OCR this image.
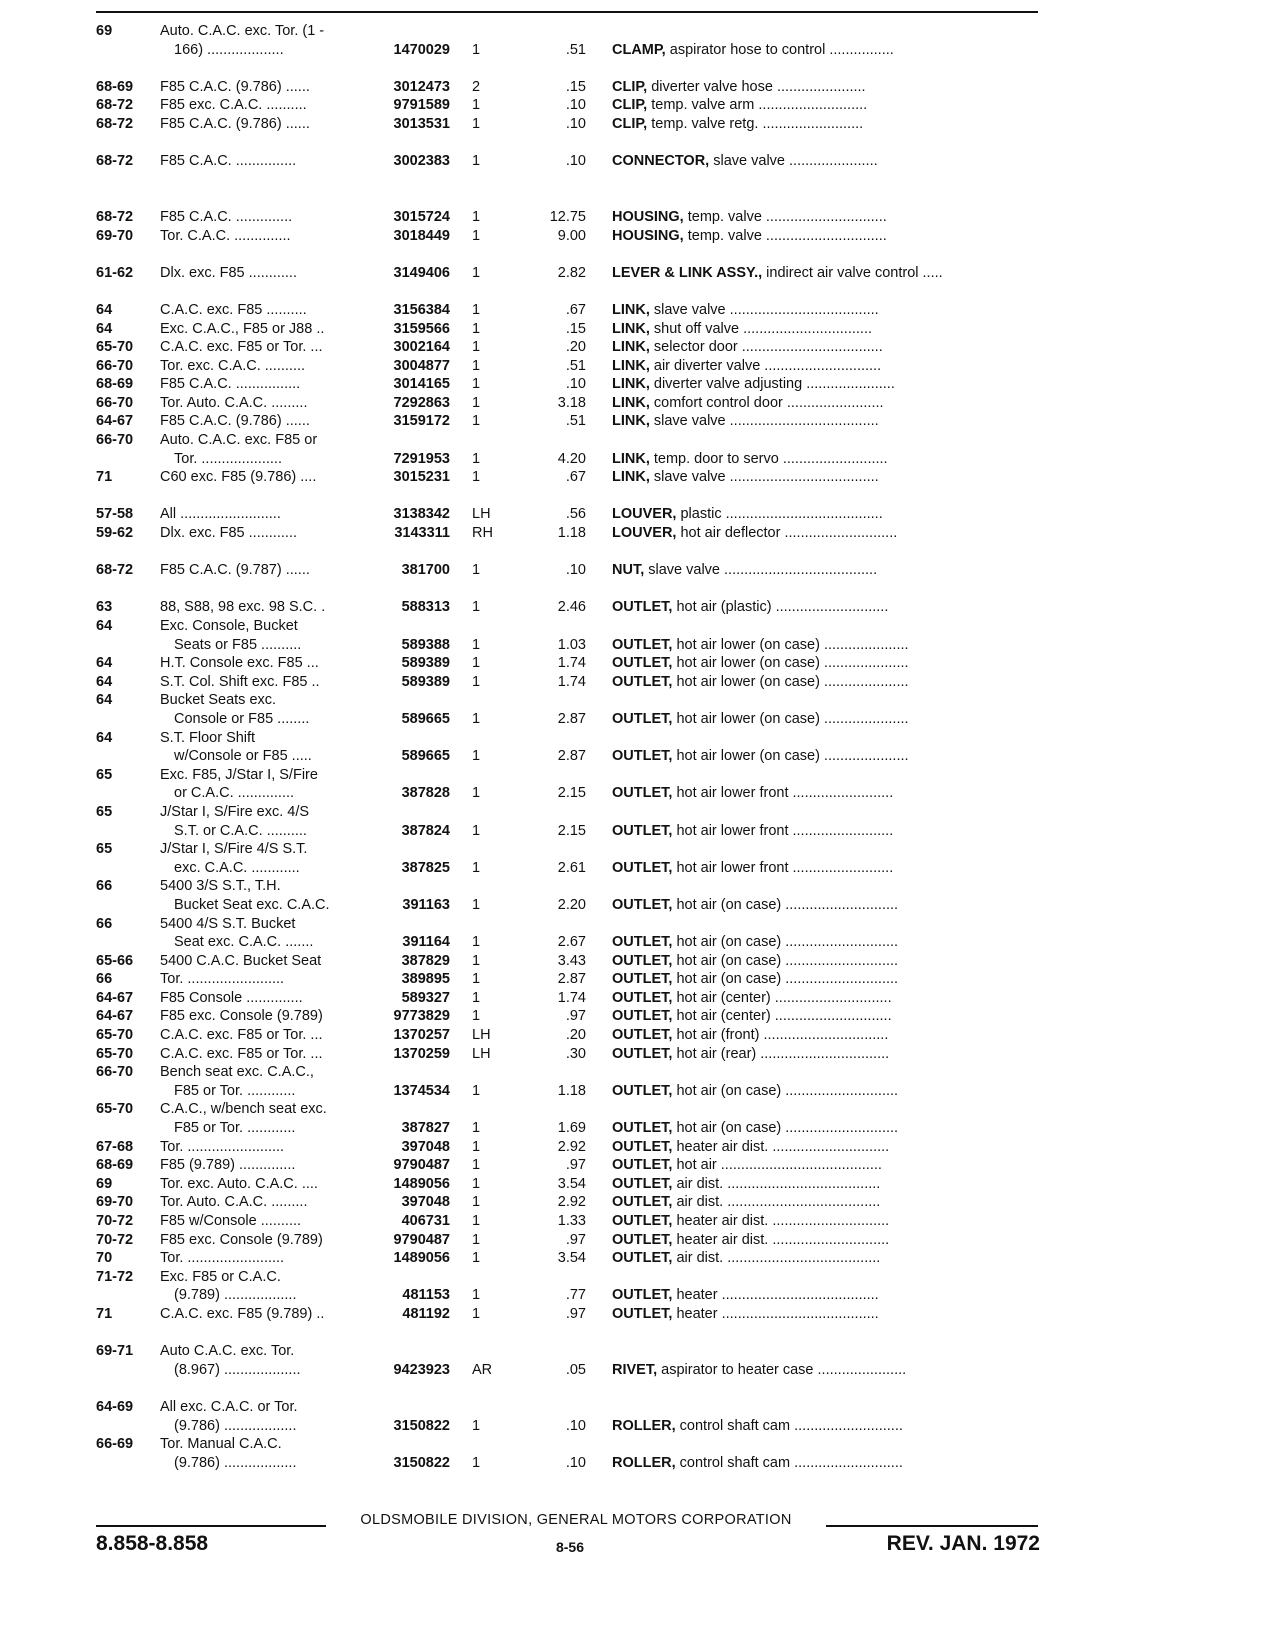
69	Auto. C.A.C. exc. Tor. (1 -
166) ...................	1470029 1	.51 CLAMP, aspirator hose to control ................
68-69	F85 C.A.C. (9.786) ......	3012473 2	.15 CLIP, diverter valve hose ......................
68-72	F85 exc. C.A.C. ..........	9791589 1	.10 CLIP, temp. valve arm ...........................
68-72	F85 C.A.C. (9.786) ......	3013531 1	.10 CLIP, temp. valve retg. .........................
68-72	F85 C.A.C. ...............	3002383 1	.10 CONNECTOR, slave valve ......................
68-72	F85 C.A.C. ..............	3015724 1	12.75 HOUSING, temp. valve ..............................
69-70	Tor. C.A.C. ..............	3018449 1	9.00 HOUSING, temp. valve ..............................
61-62	Dlx. exc. F85 ............	3149406 1	2.82 LEVER & LINK ASSY., indirect air valve control .....
64	C.A.C. exc. F85 ..........	3156384 1	.67 LINK, slave valve .....................................
64	Exc. C.A.C., F85 or J88 ..	3159566 1	.15 LINK, shut off valve ................................
65-70	C.A.C. exc. F85 or Tor. ...	3002164 1	.20 LINK, selector door ...................................
66-70	Tor. exc. C.A.C. ..........	3004877 1	.51 LINK, air diverter valve .............................
68-69	F85 C.A.C. ................	3014165 1	.10 LINK, diverter valve adjusting ......................
66-70	Tor. Auto. C.A.C. .........	7292863 1	3.18 LINK, comfort control door ........................
64-67	F85 C.A.C. (9.786) ......	3159172 1	.51 LINK, slave valve .....................................
66-70	Auto. C.A.C. exc. F85 or
Tor. ....................	7291953 1	4.20 LINK, temp. door to servo ..........................
71	C60 exc. F85 (9.786) ....	3015231 1	.67 LINK, slave valve .....................................
57-58	All .........................	3138342 LH	.56 LOUVER, plastic .......................................
59-62	Dlx. exc. F85 ............	3143311 RH	1.18 LOUVER, hot air deflector ............................
68-72	F85 C.A.C. (9.787) ......	381700 1	.10 NUT, slave valve ......................................
63	88, S88, 98 exc. 98 S.C. .	588313 1	2.46 OUTLET, hot air (plastic) ............................
64	Exc. Console, Bucket
Seats or F85 ..........	589388 1	1.03 OUTLET, hot air lower (on case) .....................
64	H.T. Console exc. F85 ...	589389 1	1.74 OUTLET, hot air lower (on case) .....................
64	S.T. Col. Shift exc. F85 ..	589389 1	1.74 OUTLET, hot air lower (on case) .....................
64	Bucket Seats exc.
Console or F85 ........	589665 1	2.87 OUTLET, hot air lower (on case) .....................
64	S.T. Floor Shift
w/Console or F85 .....	589665 1	2.87 OUTLET, hot air lower (on case) .....................
65	Exc. F85, J/Star I, S/Fire
or C.A.C. ..............	387828 1	2.15 OUTLET, hot air lower front .........................
65	J/Star I, S/Fire exc. 4/S
S.T. or C.A.C. ..........	387824 1	2.15 OUTLET, hot air lower front .........................
65	J/Star I, S/Fire 4/S S.T.
exc. C.A.C. ............	387825 1	2.61 OUTLET, hot air lower front .........................
66	5400 3/S S.T., T.H.
Bucket Seat exc. C.A.C.	391163 1	2.20 OUTLET, hot air (on case) ............................
66	5400 4/S S.T. Bucket
Seat exc. C.A.C. .......	391164 1	2.67 OUTLET, hot air (on case) ............................
65-66	5400 C.A.C. Bucket Seat	387829 1	3.43 OUTLET, hot air (on case) ............................
66	Tor. ........................	389895 1	2.87 OUTLET, hot air (on case) ............................
64-67	F85 Console ..............	589327 1	1.74 OUTLET, hot air (center) .............................
64-67	F85 exc. Console (9.789)	9773829 1	.97 OUTLET, hot air (center) .............................
65-70	C.A.C. exc. F85 or Tor. ...	1370257 LH	.20 OUTLET, hot air (front) ...............................
65-70	C.A.C. exc. F85 or Tor. ...	1370259 LH	.30 OUTLET, hot air (rear) ................................
66-70	Bench seat exc. C.A.C.,
F85 or Tor. ............	1374534 1	1.18 OUTLET, hot air (on case) ............................
65-70	C.A.C., w/bench seat exc.
F85 or Tor. ............	387827 1	1.69 OUTLET, hot air (on case) ............................
67-68	Tor. ........................	397048 1	2.92 OUTLET, heater air dist. .............................
68-69	F85 (9.789) ..............	9790487 1	.97 OUTLET, hot air ........................................
69	Tor. exc. Auto. C.A.C. ....	1489056 1	3.54 OUTLET, air dist. ......................................
69-70	Tor. Auto. C.A.C. .........	397048 1	2.92 OUTLET, air dist. ......................................
70-72	F85 w/Console ..........	406731 1	1.33 OUTLET, heater air dist. .............................
70-72	F85 exc. Console (9.789)	9790487 1	.97 OUTLET, heater air dist. .............................
70	Tor. ........................	1489056 1	3.54 OUTLET, air dist. ......................................
71-72	Exc. F85 or C.A.C.
(9.789) ..................	481153 1	.77 OUTLET, heater .......................................
71	C.A.C. exc. F85 (9.789) ..	481192 1	.97 OUTLET, heater .......................................
69-71	Auto C.A.C. exc. Tor.
(8.967) ...................	9423923 AR	.05 RIVET, aspirator to heater case ......................
64-69	All exc. C.A.C. or Tor.
(9.786) ..................	3150822 1	.10 ROLLER, control shaft cam ...........................
66-69	Tor. Manual C.A.C.
(9.786) ..................	3150822 1	.10 ROLLER, control shaft cam ...........................
OLDSMOBILE DIVISION, GENERAL MOTORS CORPORATION
8.858-8.858	8-56	REV. JAN. 1972
